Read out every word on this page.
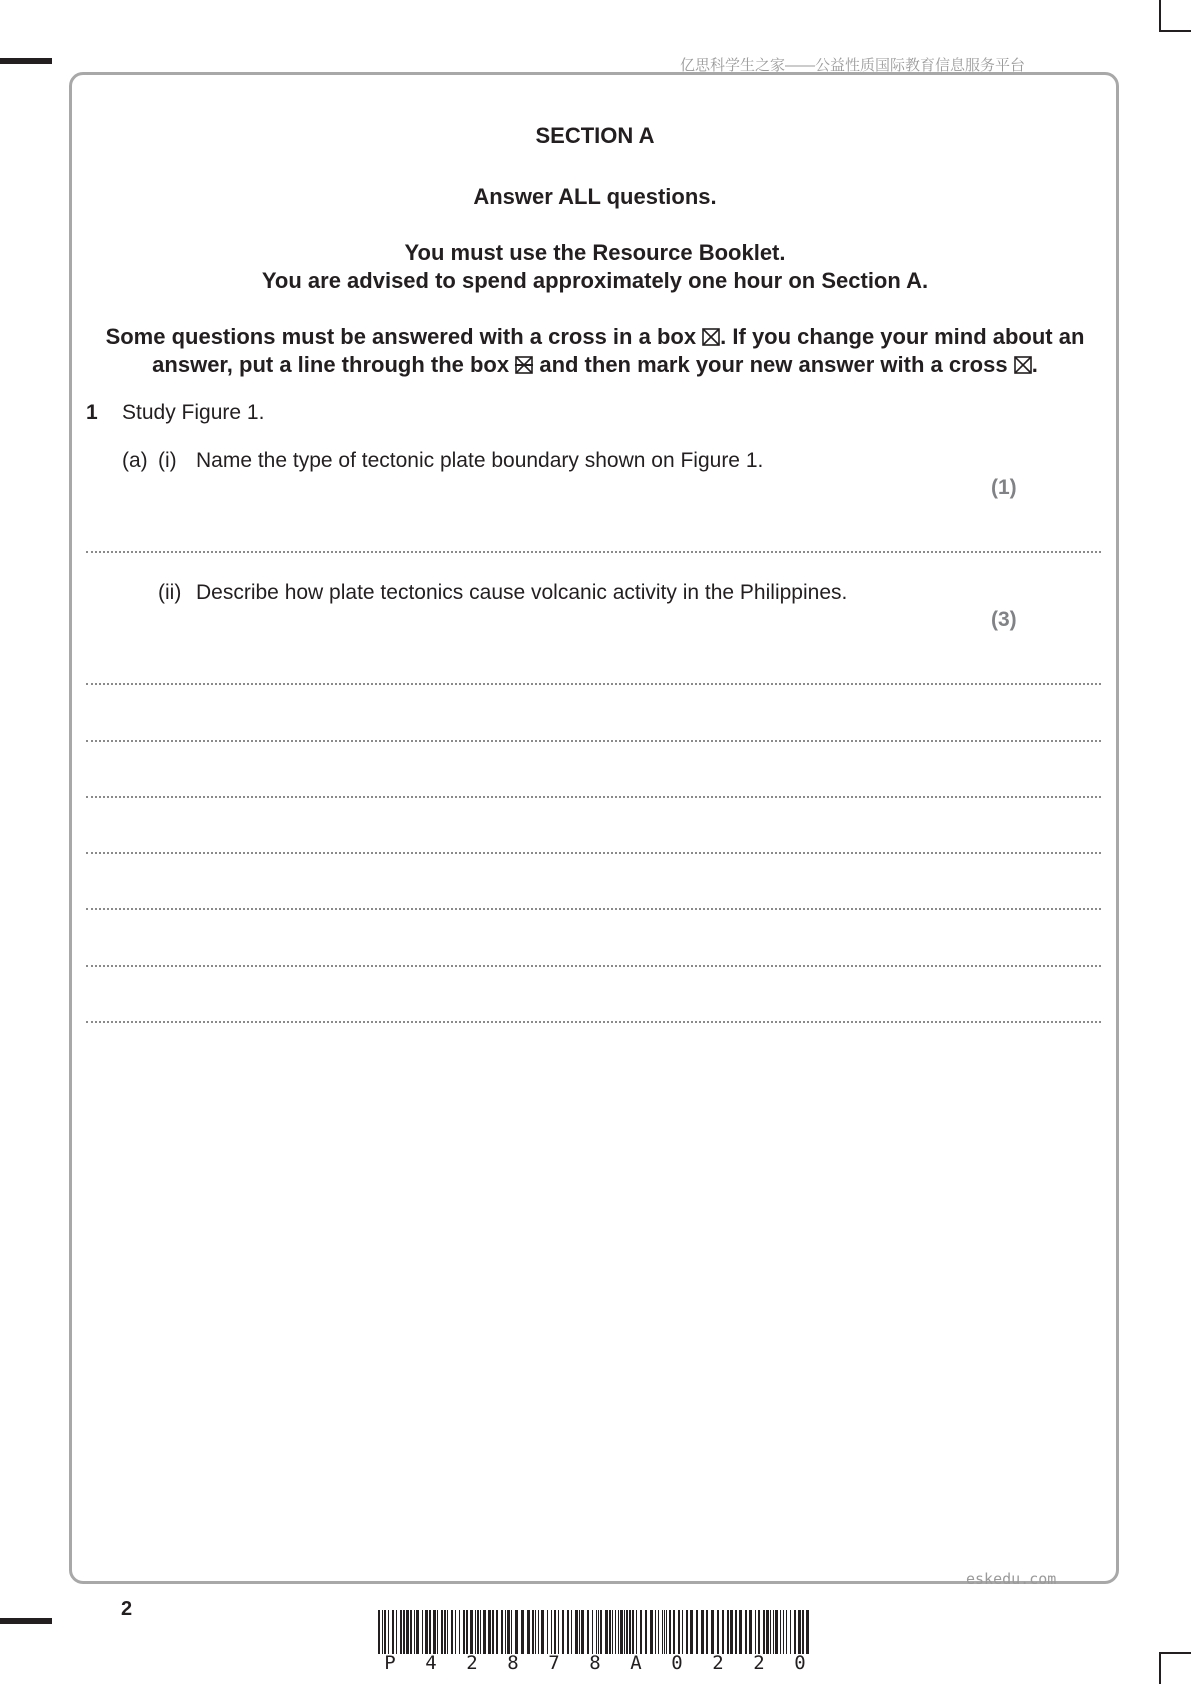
亿思科学生之家——公益性质国际教育信息服务平台
SECTION A
Answer ALL questions.
You must use the Resource Booklet.
You are advised to spend approximately one hour on Section A.
Some questions must be answered with a cross in a box ☒. If you change your mind about an
answer, put a line through the box  and then mark your new answer with a cross ☒.
1 Study Figure 1.
(a) (i) Name the type of tectonic plate boundary shown on Figure 1.
(1)
(ii) Describe how plate tectonics cause volcanic activity in the Philippines.
(3)
eskedu.com
2
P	4	2	8	7	8	A	0	2	2	0
